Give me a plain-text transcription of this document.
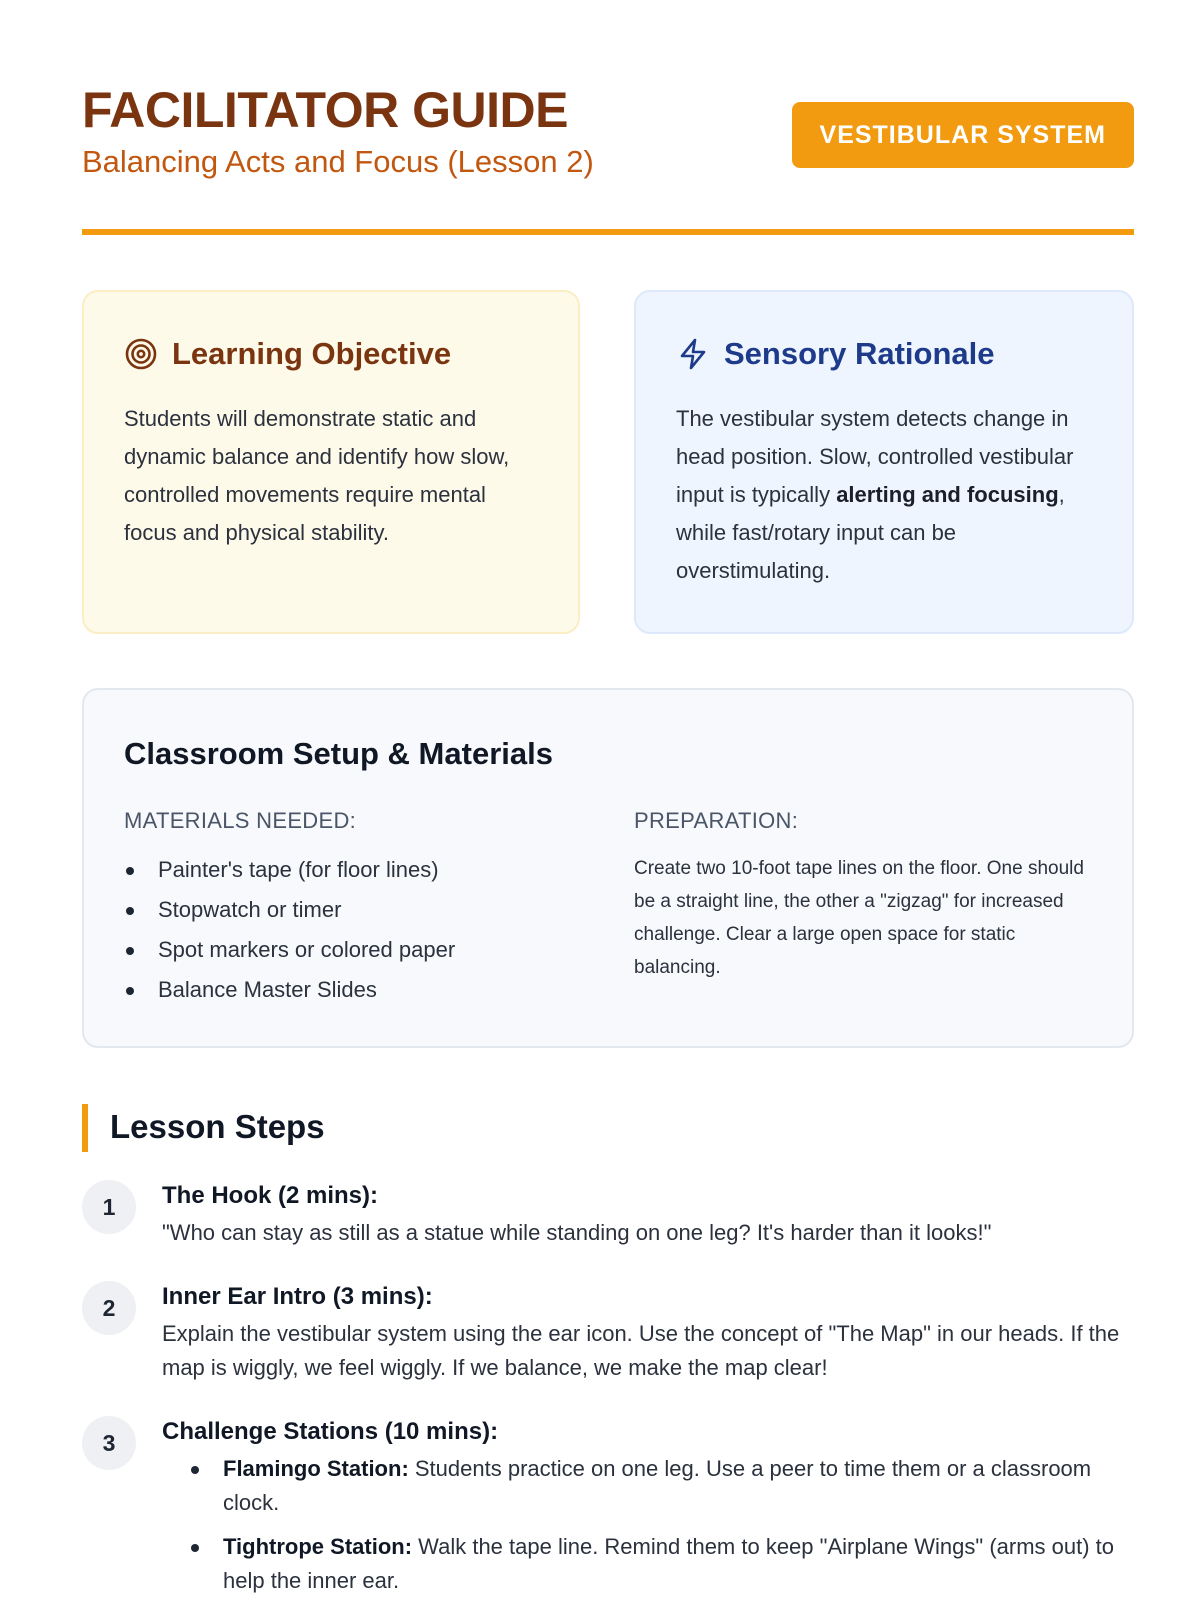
FACILITATOR GUIDE
Balancing Acts and Focus (Lesson 2)
VESTIBULAR SYSTEM
Learning Objective

Students will demonstrate static and dynamic balance and identify how slow, controlled movements require mental focus and physical stability.

Sensory Rationale

The vestibular system detects change in head position. Slow, controlled vestibular input is typically alerting and focusing, while fast/rotary input can be overstimulating.

Classroom Setup & Materials
MATERIALS NEEDED:
Painter's tape (for floor lines)
Stopwatch or timer
Spot markers or colored paper
Balance Master Slides
PREPARATION:

Create two 10-foot tape lines on the floor. One should be a straight line, the other a "zigzag" for increased challenge. Clear a large open space for static balancing.

Lesson Steps
1	The Hook (2 mins):
"Who can stay as still as a statue while standing on one leg? It's harder than it looks!"
2	Inner Ear Intro (3 mins):
Explain the vestibular system using the ear icon. Use the concept of "The Map" in our heads. If the map is wiggly, we feel wiggly. If we balance, we make the map clear!
3	Challenge Stations (10 mins):
Flamingo Station: Students practice on one leg. Use a peer to time them or a classroom clock.
Tightrope Station: Walk the tape line. Remind them to keep "Airplane Wings" (arms out) to help the inner ear.
